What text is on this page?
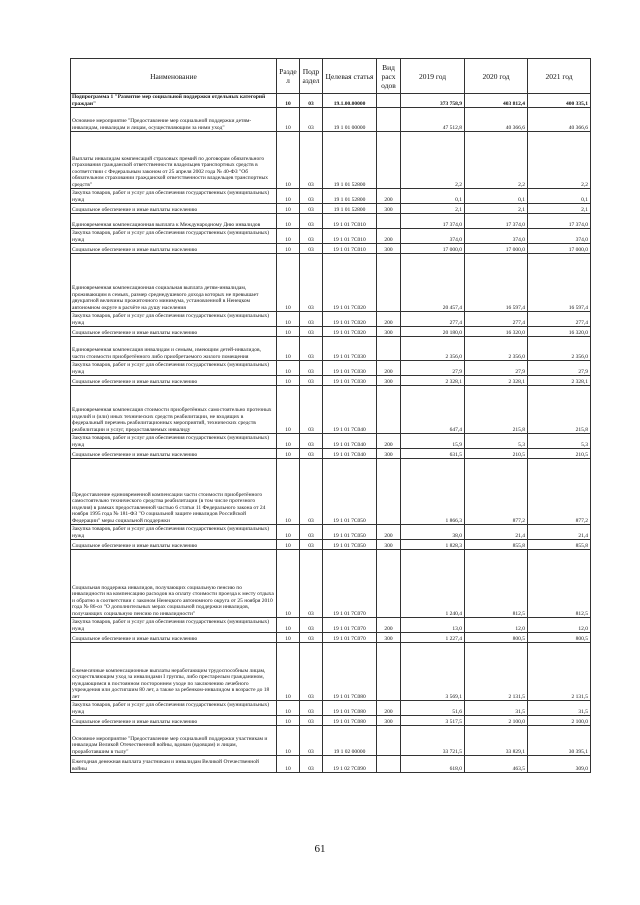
Наименование	Разде л	Подр аздел	Целевая статья	Вид расх одов	2019 год	2020 год	2021 год
Подпрограмма 1 "Развитие мер социальной поддержки отдельных категорий граждан"	10	03	19.1.00.00000		373 758,9	403 812,4	400 335,1
Основное мероприятие "Предоставление мер социальной поддержки детям-инвалидам, инвалидам и лицам, осуществляющим за ними уход"	10	03	19 1 01 00000		47 512,8	40 366,6	40 366,6
Выплаты инвалидам компенсаций страховых премий по договорам обязательного страхования гражданской ответственности владельцев транспортных средств в соответствии с Федеральным законом от 25 апреля 2002 года № 40-ФЗ "Об обязательном страховании гражданской ответственности владельцев транспортных средств"	10	03	19 1 01 52800		2,2	2,2	2,2
Закупка товаров, работ и услуг для обеспечения государственных (муниципальных) нужд	10	03	19 1 01 52800	200	0,1	0,1	0,1
Социальное обеспечение и иные выплаты населению	10	03	19 1 01 52800	300	2,1	2,1	2,1
Единовременная компенсационная выплата к Международному Дню инвалидов	10	03	19 1 01 7С010		17 374,0	17 374,0	17 374,0
Закупка товаров, работ и услуг для обеспечения государственных (муниципальных) нужд	10	03	19 1 01 7С010	200	374,0	374,0	374,0
Социальное обеспечение и иные выплаты населению	10	03	19 1 01 7С010	300	17 000,0	17 000,0	17 000,0
Единовременная компенсационная социальная выплата детям-инвалидам, проживающим в семьях, размер среднедушевого дохода которых не превышает двукратной величины прожиточного минимума, установленной в Ненецком автономном округе в расчёте на душу населения	10	03	19 1 01 7С020		20 457,4	16 597,4	16 597,4
Закупка товаров, работ и услуг для обеспечения государственных (муниципальных) нужд	10	03	19 1 01 7С020	200	277,4	277,4	277,4
Социальное обеспечение и иные выплаты населению	10	03	19 1 01 7С020	300	20 180,0	16 320,0	16 320,0
Единовременная компенсация инвалидам и семьям, имеющим детей-инвалидов, части стоимости приобретённого либо приобретаемого жилого помещения	10	03	19 1 01 7С030		2 356,0	2 356,0	2 356,0
Закупка товаров, работ и услуг для обеспечения государственных (муниципальных) нужд	10	03	19 1 01 7С030	200	27,9	27,9	27,9
Социальное обеспечение и иные выплаты населению	10	03	19 1 01 7С030	300	2 328,1	2 328,1	2 328,1
Единовременная компенсация стоимости приобретённых самостоятельно протезных изделий и (или) иных технических средств реабилитации, не входящих в федеральный перечень реабилитационных мероприятий, технических средств реабилитации и услуг, предоставляемых инвалиду	10	03	19 1 01 7С040		647,4	215,8	215,8
Закупка товаров, работ и услуг для обеспечения государственных (муниципальных) нужд	10	03	19 1 01 7С040	200	15,9	5,3	5,3
Социальное обеспечение и иные выплаты населению	10	03	19 1 01 7С040	300	631,5	210,5	210,5
Предоставление единовременной компенсации части стоимости приобретённого самостоятельно технического средства реабилитации (в том числе протезного изделия) в рамках предоставленной частью 6 статьи 11 Федерального закона от 24 ноября 1995 года № 181-ФЗ "О социальной защите инвалидов Российской Федерации" меры социальной поддержки	10	03	19 1 01 7С050		1 866,3	877,2	877,2
Закупка товаров, работ и услуг для обеспечения государственных (муниципальных) нужд	10	03	19 1 01 7С050	200	38,0	21,4	21,4
Социальное обеспечение и иные выплаты населению	10	03	19 1 01 7С050	300	1 828,3	855,8	855,8
Социальная поддержка инвалидов, получающих социальную пенсию по инвалидности на компенсацию расходов на оплату стоимости проезда к месту отдыха и обратно в соответствии с законом Ненецкого автономного округа от 25 ноября 2010 года № 86-оз "О дополнительных мерах социальной поддержки инвалидов, получающих социальную пенсию по инвалидности"	10	03	19 1 01 7С070		1 240,4	812,5	812,5
Закупка товаров, работ и услуг для обеспечения государственных (муниципальных) нужд	10	03	19 1 01 7С070	200	13,0	12,0	12,0
Социальное обеспечение и иные выплаты населению	10	03	19 1 01 7С070	300	1 227,4	800,5	800,5
Ежемесячные компенсационные выплаты неработающим трудоспособным лицам, осуществляющим уход за инвалидами I группы, либо престарелым гражданином, нуждающимся в постоянном постороннем уходе по заключению лечебного учреждения или достигшим 80 лет, а также за ребенком-инвалидом в возрасте до 18 лет	10	03	19 1 01 7С080		3 569,1	2 131,5	2 131,5
Закупка товаров, работ и услуг для обеспечения государственных (муниципальных) нужд	10	03	19 1 01 7С080	200	51,6	31,5	31,5
Социальное обеспечение и иные выплаты населению	10	03	19 1 01 7С080	300	3 517,5	2 100,0	2 100,0
Основное мероприятие "Предоставление мер социальной поддержки участникам и инвалидам Великой Отечественной войны, вдовам (вдовцам) и лицам, проработавшим в тылу"	10	03	19 1 02 00000		33 721,5	33 829,1	30 395,1
Ежегодная денежная выплата участникам и инвалидам Великой Отечественной войны	10	03	19 1 02 7С090		618,0	463,5	309,0
61
